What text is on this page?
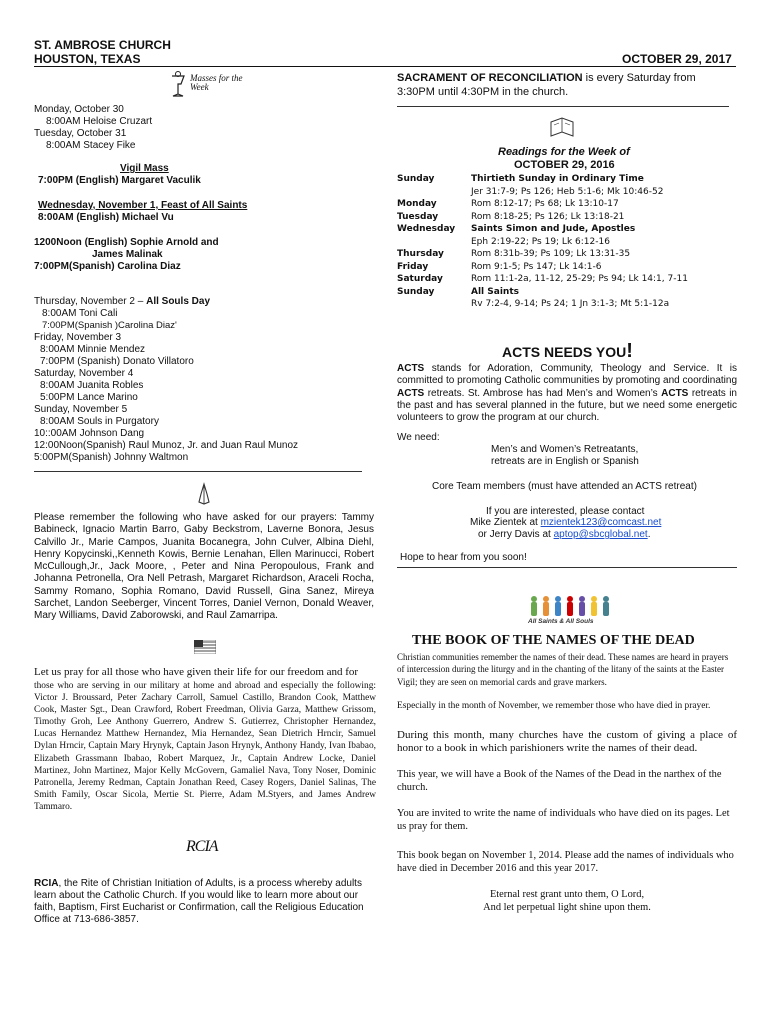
ST. AMBROSE CHURCH
HOUSTON, TEXAS	OCTOBER 29, 2017
Masses for the Week
Monday, October 30
8:00AM Heloise Cruzart
Tuesday, October 31
8:00AM Stacey Fike
Vigil Mass
7:00PM (English) Margaret Vaculik
Wednesday, November 1, Feast of All Saints
8:00AM (English) Michael Vu
1200Noon (English) Sophie Arnold and
James Malinak
7:00PM(Spanish) Carolina Diaz
Thursday, November 2 – All Souls Day
8:00AM Toni Cali
7:00PM(Spanish )Carolina Diaz'
Friday, November 3
8:00AM Minnie Mendez
7:00PM (Spanish) Donato Villatoro
Saturday, November 4
8:00AM Juanita Robles
5:00PM Lance Marino
Sunday, November 5
8:00AM Souls in Purgatory
10::00AM Johnson Dang
12:00Noon(Spanish) Raul Munoz, Jr. and Juan Raul Munoz
5:00PM(Spanish) Johnny Waltmon
Please remember the following who have asked for our prayers: Tammy Babineck, Ignacio Martin Barro, Gaby Beckstrom, Laverne Bonora, Jesus Calvillo Jr., Marie Campos, Juanita Bocanegra, John Culver, Albina Diehl, Henry Kopycinski,,Kenneth Kowis, Bernie Lenahan, Ellen Marinucci, Robert McCullough,Jr., Jack Moore, , Peter and Nina Peropoulous, Frank and Johanna Petronella, Ora Nell Petrash, Margaret Richardson, Araceli Rocha, Sammy Romano, Sophia Romano, David Russell, Gina Sanez, Mireya Sarchet, Landon Seeberger, Vincent Torres, Daniel Vernon, Donald Weaver, Mary Williams, David Zaborowski, and Raul Zamarripa.
Let us pray for all those who have given their life for our freedom and for
those who are serving in our military at home and abroad and especially the following: Victor J. Broussard, Peter Zachary Carroll, Samuel Castillo, Brandon Cook, Matthew Cook, Master Sgt., Dean Crawford, Robert Freedman, Olivia Garza, Matthew Grissom, Timothy Groh, Lee Anthony Guerrero, Andrew S. Gutierrez, Christopher Hernandez, Lucas Hernandez Matthew Hernandez, Mia Hernandez, Sean Dietrich Hrncir, Samuel Dylan Hrncir, Captain Mary Hrynyk, Captain Jason Hrynyk, Anthony Handy, Ivan Ibabao, Elizabeth Grassmann Ibabao, Robert Marquez, Jr., Captain Andrew Locke, Daniel Martinez, John Martinez, Major Kelly McGovern, Gamaliel Nava, Tony Noser, Dominic Patronella, Jeremy Redman, Captain Jonathan Reed, Casey Rogers, Daniel Salinas, The Smith Family, Oscar Sicola, Mertie St. Pierre, Adam M.Styers, and James Andrew Tammaro.
RCIA
RCIA, the Rite of Christian Initiation of Adults, is a process whereby adults learn about the Catholic Church. If you would like to learn more about our faith, Baptism, First Eucharist or Confirmation, call the Religious Education Office at 713-686-3857.
SACRAMENT OF RECONCILIATION is every Saturday from
3:30PM until 4:30PM in the church.
Readings for the Week of
OCTOBER 29, 2016
Sunday	Thirtieth Sunday in Ordinary Time
Jer 31:7-9; Ps 126; Heb 5:1-6; Mk 10:46-52
Monday	Rom 8:12-17; Ps 68; Lk 13:10-17
Tuesday	Rom 8:18-25; Ps 126; Lk 13:18-21
Wednesday	Saints Simon and Jude, Apostles
Eph 2:19-22; Ps 19; Lk 6:12-16
Thursday	Rom 8:31b-39; Ps 109; Lk 13:31-35
Friday	Rom 9:1-5; Ps 147; Lk 14:1-6
Saturday	Rom 11:1-2a, 11-12, 25-29; Ps 94; Lk 14:1, 7-11
Sunday	All Saints
Rv 7:2-4, 9-14; Ps 24; 1 Jn 3:1-3; Mt 5:1-12a
ACTS NEEDS YOU!
ACTS stands for Adoration, Community, Theology and Service. It is committed to promoting Catholic communities by promoting and coordinating ACTS retreats. St. Ambrose has had Men’s and Women’s ACTS retreats in the past and has several planned in the future, but we need some energetic volunteers to grow the program at our church.
We need:
Men’s and Women’s Retreatants,
retreats are in English or Spanish
Core Team members (must have attended an ACTS retreat)
If you are interested, please contact
Mike Zientek at mzientek123@comcast.net
or Jerry Davis at aptop@sbcglobal.net.
Hope to hear from you soon!
All Saints & All Souls
THE BOOK OF THE NAMES OF THE DEAD
Christian communities remember the names of their dead. These names are heard in prayers of intercession during the liturgy and in the chanting of the litany of the saints at the Easter Vigil; they are seen on memorial cards and grave markers.
Especially in the month of November, we remember those who have died in prayer.
During this month, many churches have the custom of giving a place of honor to a book in which parishioners write the names of their dead.
This year, we will have a Book of the Names of the Dead in the narthex of the church.
You are invited to write the name of individuals who have died on its pages. Let us pray for them.
This book began on November 1, 2014. Please add the names of individuals who have died in December 2016 and this year 2017.
Eternal rest grant unto them, O Lord,
And let perpetual light shine upon them.
